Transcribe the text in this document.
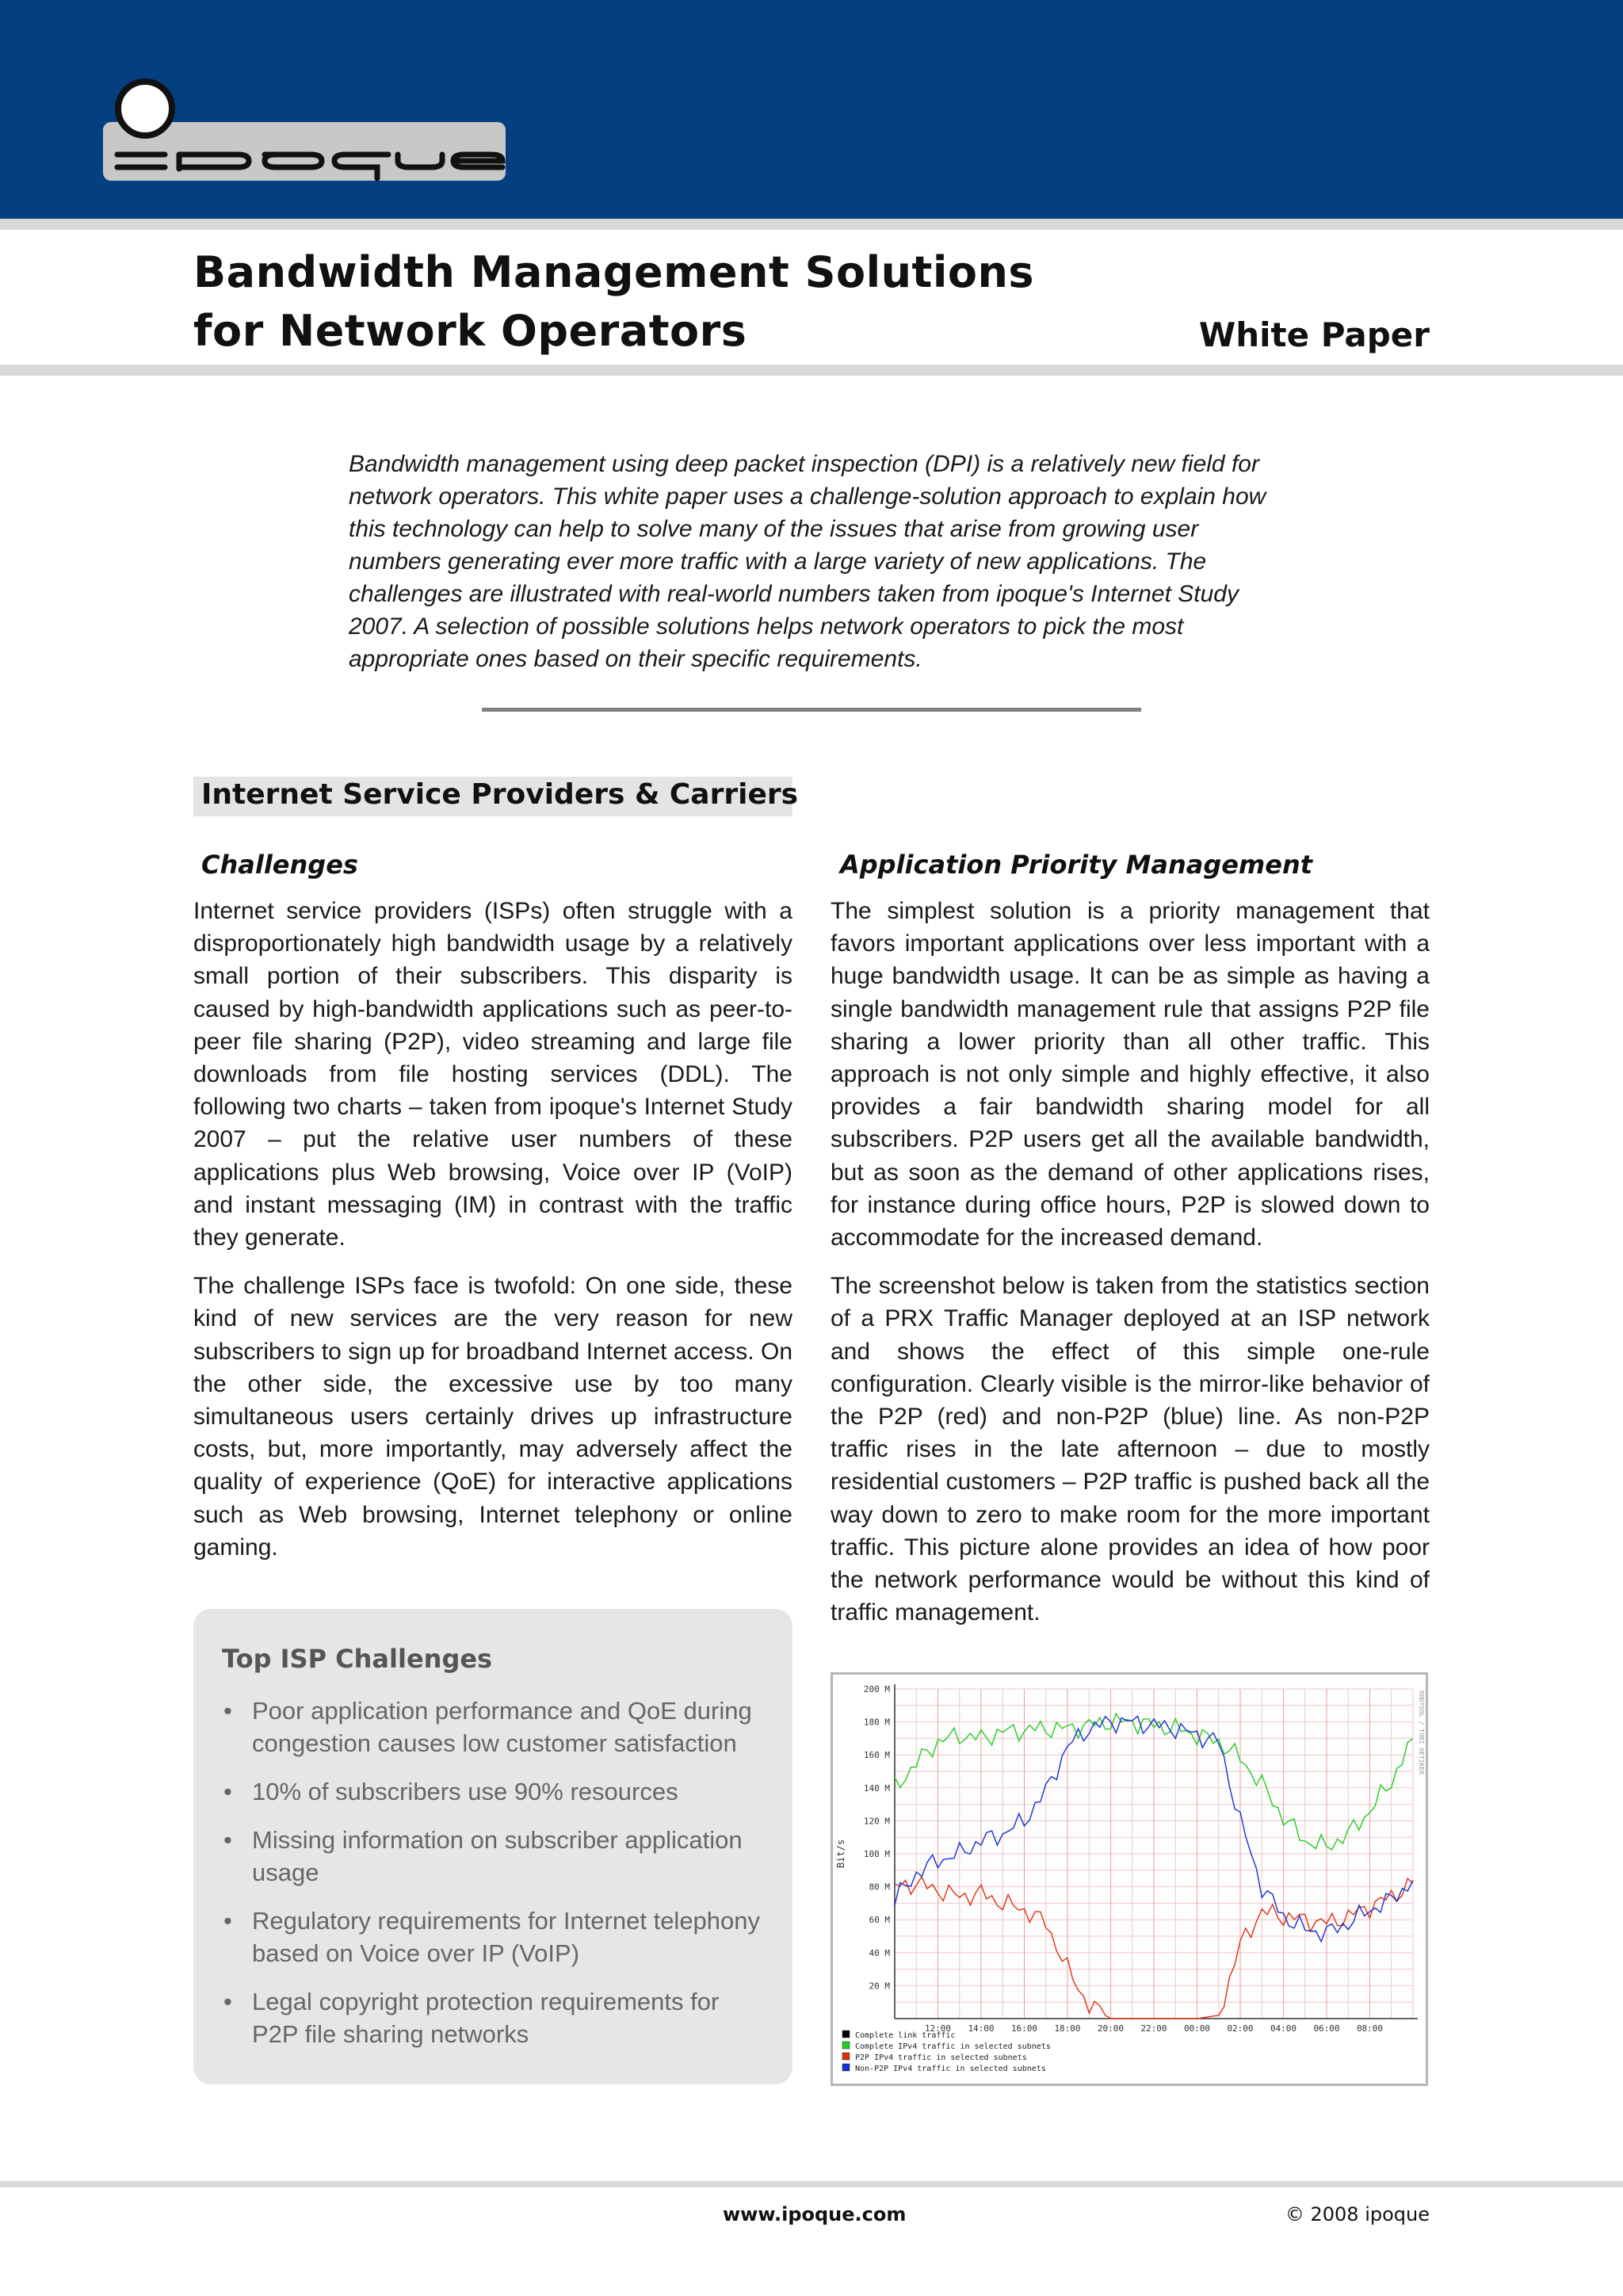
ipoque
Bandwidth Management Solutions
for Network Operators	White Paper
Bandwidth management using deep packet inspection (DPI) is a relatively new field for network operators. This white paper uses a challenge-solution approach to explain how this technology can help to solve many of the issues that arise from growing user numbers generating ever more traffic with a large variety of new applications. The challenges are illustrated with real-world numbers taken from ipoque's Internet Study 2007. A selection of possible solutions helps network operators to pick the most appropriate ones based on their specific requirements.
Internet Service Providers & Carriers
Challenges	Application Priority Management

Internet service providers (ISPs) often struggle with a disproportionately high bandwidth usage by a relatively small portion of their subscribers. This disparity is caused by high-bandwidth applications such as peer-to-peer file sharing (P2P), video streaming and large file downloads from file hosting services (DDL). The following two charts – taken from ipoque's Internet Study 2007 – put the relative user numbers of these applications plus Web browsing, Voice over IP (VoIP) and instant messaging (IM) in contrast with the traffic they generate.

The challenge ISPs face is twofold: On one side, these kind of new services are the very reason for new subscribers to sign up for broadband Internet access. On the other side, the excessive use by too many simultaneous users certainly drives up infrastructure costs, but, more importantly, may adversely affect the quality of experience (QoE) for interactive applications such as Web browsing, Internet telephony or online gaming.

The simplest solution is a priority management that favors important applications over less important with a huge bandwidth usage. It can be as simple as having a single bandwidth management rule that assigns P2P file sharing a lower priority than all other traffic. This approach is not only simple and highly effective, it also provides a fair bandwidth sharing model for all subscribers. P2P users get all the available bandwidth, but as soon as the demand of other applications rises, for instance during office hours, P2P is slowed down to accommodate for the increased demand.

The screenshot below is taken from the statistics section of a PRX Traffic Manager deployed at an ISP network and shows the effect of this simple one-rule configuration. Clearly visible is the mirror-like behavior of the P2P (red) and non-P2P (blue) line. As non-P2P traffic rises in the late afternoon – due to mostly residential customers – P2P traffic is pushed back all the way down to zero to make room for the more important traffic. This picture alone provides an idea of how poor the network performance would be without this kind of traffic management.

Top ISP Challenges
• Poor application performance and QoE during congestion causes low customer satisfaction
• 10% of subscribers use 90% resources
• Missing information on subscriber application usage
• Regulatory requirements for Internet telephony based on Voice over IP (VoIP)
• Legal copyright protection requirements for P2P file sharing networks
20 M
40 M
60 M
80 M
100 M
120 M
140 M
160 M
180 M
200 M
12:00 14:00 16:00 18:00 20:00 22:00 00:00 02:00 04:00 06:00 08:00
Bit/s
RRDTOOL / TOBI OETIKER
Complete link traffic
Complete IPv4 traffic in selected subnets
P2P IPv4 traffic in selected subnets
Non-P2P IPv4 traffic in selected subnets
www.ipoque.com	© 2008 ipoque
